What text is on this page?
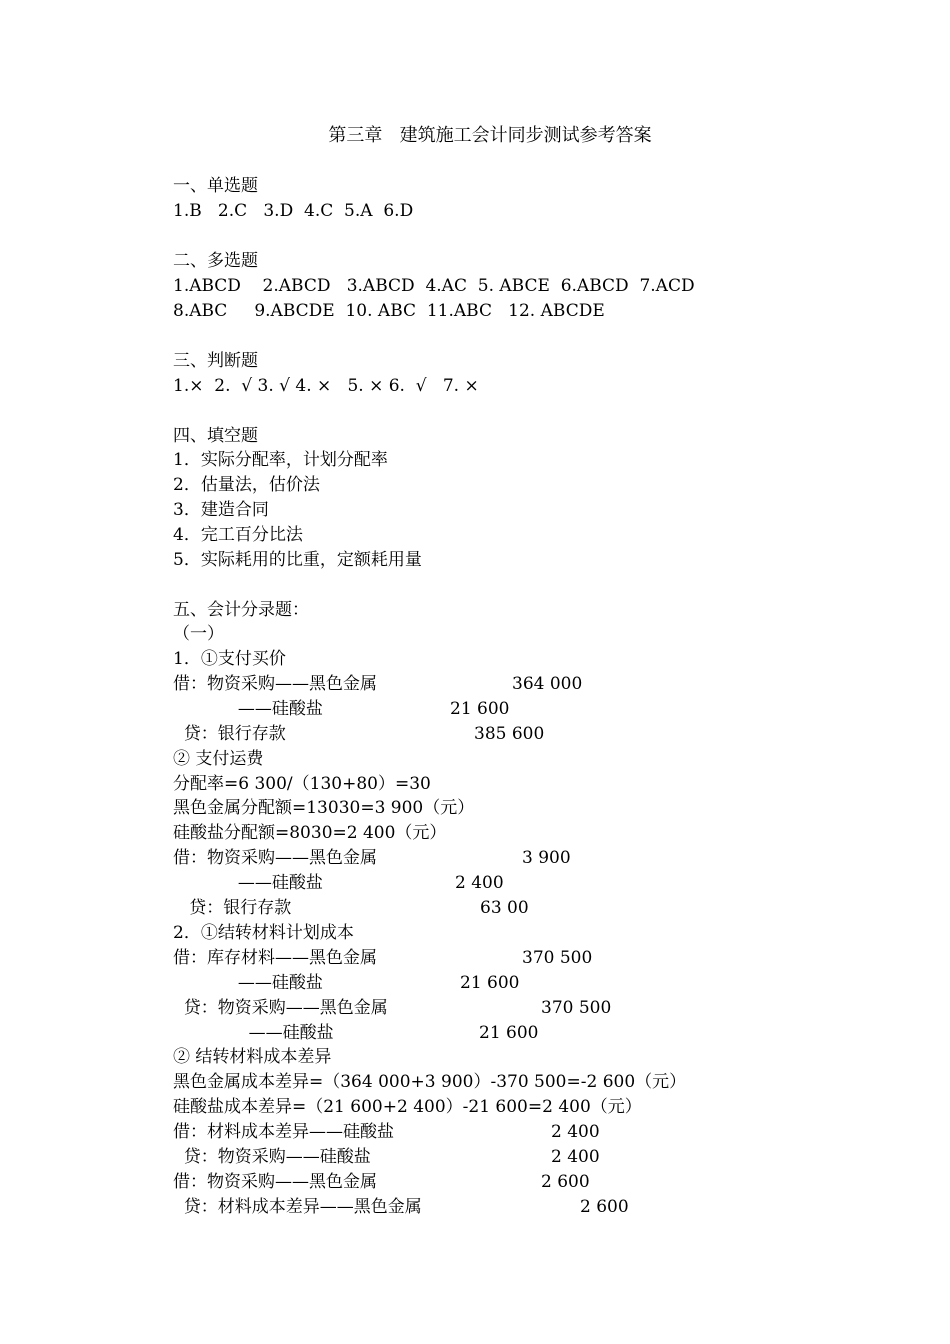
第三章   建筑施工会计同步测试参考答案
一、单选题
1.B   2.C   3.D  4.C  5.A  6.D
二、多选题
1.ABCD    2.ABCD   3.ABCD  4.AC  5. ABCE  6.ABCD  7.ACD
8.ABC     9.ABCDE  10. ABC  11.ABC   12. ABCDE
三、判断题
1.×  2.  √ 3. √ 4. ×   5. × 6.  √   7. ×
四、填空题
1．实际分配率，计划分配率
2．估量法，估价法
3．建造合同
4．完工百分比法
5．实际耗用的比重，定额耗用量
五、会计分录题：
（一）
1．①支付买价
借：物资采购——黑色金属	364 000
——硅酸盐	21 600
贷：银行存款	385 600
② 支付运费
分配率=6 300/（130+80）=30
黑色金属分配额=13030=3 900（元）
硅酸盐分配额=8030=2 400（元）
借：物资采购——黑色金属	3 900
——硅酸盐	2 400
贷：银行存款	63 00
2．①结转材料计划成本
借：库存材料——黑色金属	370 500
——硅酸盐	21 600
贷：物资采购——黑色金属	370 500
——硅酸盐	21 600
② 结转材料成本差异
黑色金属成本差异=（364 000+3 900）-370 500=-2 600（元）
硅酸盐成本差异=（21 600+2 400）-21 600=2 400（元）
借：材料成本差异——硅酸盐	2 400
贷：物资采购——硅酸盐	2 400
借：物资采购——黑色金属	2 600
贷：材料成本差异——黑色金属	2 600
